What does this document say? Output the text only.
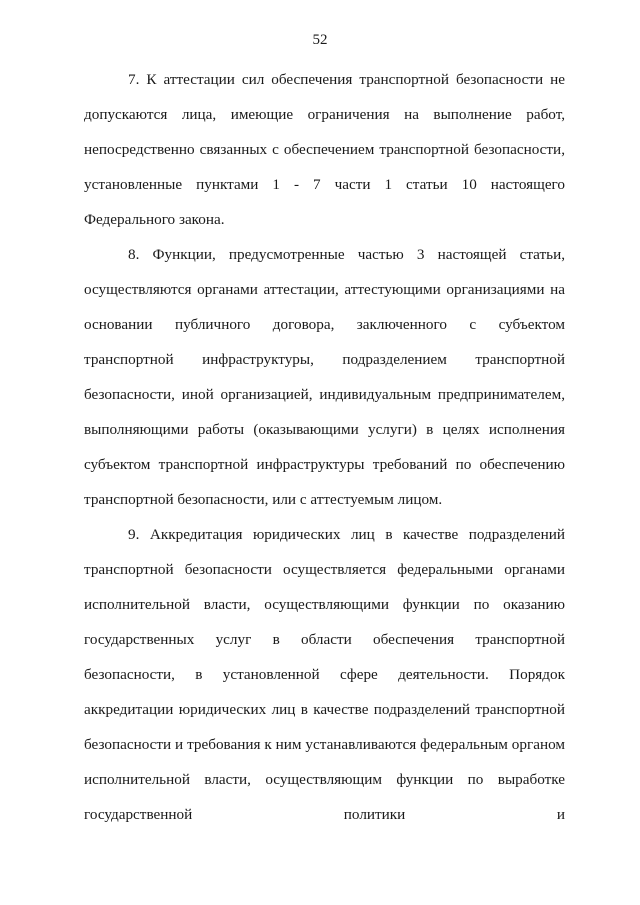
52

7. К аттестации сил обеспечения транспортной безопасности не допускаются лица, имеющие ограничения на выполнение работ, непосредственно связанных с обеспечением транспортной безопасности, установленные пунктами 1 - 7 части 1 статьи 10 настоящего Федерального закона.

8. Функции, предусмотренные частью 3 настоящей статьи, осуществляются органами аттестации, аттестующими организациями на основании публичного договора, заключенного с субъектом транспортной инфраструктуры, подразделением транспортной безопасности, иной организацией, индивидуальным предпринимателем, выполняющими работы (оказывающими услуги) в целях исполнения субъектом транспортной инфраструктуры требований по обеспечению транспортной безопасности, или с аттестуемым лицом.

9. Аккредитация юридических лиц в качестве подразделений транспортной безопасности осуществляется федеральными органами исполнительной власти, осуществляющими функции по оказанию государственных услуг в области обеспечения транспортной безопасности, в установленной сфере деятельности. Порядок аккредитации юридических лиц в качестве подразделений транспортной безопасности и требования к ним устанавливаются федеральным органом исполнительной власти, осуществляющим функции по выработке государственной политики и
